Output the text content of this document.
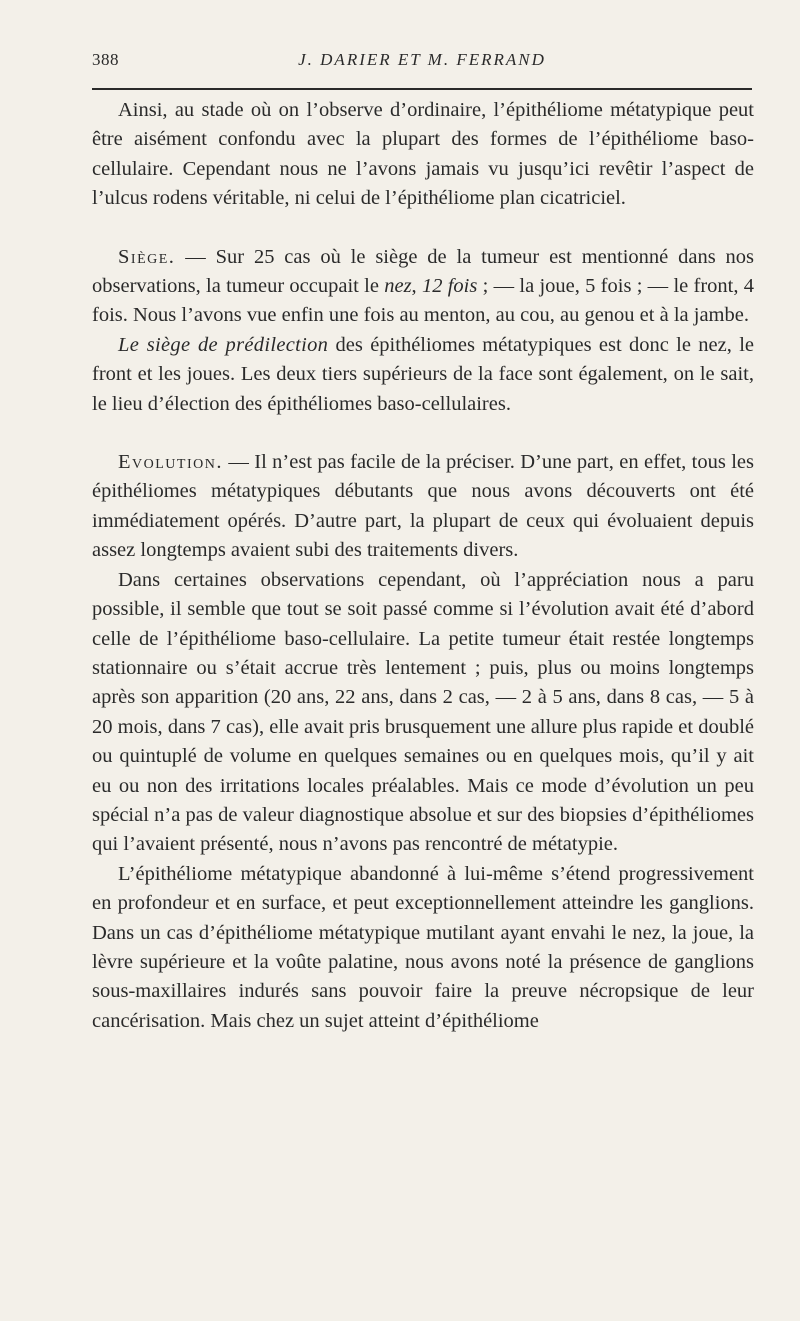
388	J. DARIER ET M. FERRAND

Ainsi, au stade où on l’observe d’ordinaire, l’épithéliome métatypique peut être aisément confondu avec la plupart des formes de l’épithéliome baso-cellulaire. Cependant nous ne l’avons jamais vu jusqu’ici revêtir l’aspect de l’ulcus rodens véritable, ni celui de l’épithéliome plan cicatriciel.

Siège. — Sur 25 cas où le siège de la tumeur est mentionné dans nos observations, la tumeur occupait le nez, 12 fois ; — la joue, 5 fois ; — le front, 4 fois. Nous l’avons vue enfin une fois au menton, au cou, au genou et à la jambe.

Le siège de prédilection des épithéliomes métatypiques est donc le nez, le front et les joues. Les deux tiers supérieurs de la face sont également, on le sait, le lieu d’élection des épithéliomes baso-cellulaires.

Evolution. — Il n’est pas facile de la préciser. D’une part, en effet, tous les épithéliomes métatypiques débutants que nous avons découverts ont été immédiatement opérés. D’autre part, la plupart de ceux qui évoluaient depuis assez longtemps avaient subi des traitements divers.

Dans certaines observations cependant, où l’appréciation nous a paru possible, il semble que tout se soit passé comme si l’évolution avait été d’abord celle de l’épithéliome baso-cellulaire. La petite tumeur était restée longtemps stationnaire ou s’était accrue très lentement ; puis, plus ou moins longtemps après son apparition (20 ans, 22 ans, dans 2 cas, — 2 à 5 ans, dans 8 cas, — 5 à 20 mois, dans 7 cas), elle avait pris brusquement une allure plus rapide et doublé ou quintuplé de volume en quelques semaines ou en quelques mois, qu’il y ait eu ou non des irritations locales préalables. Mais ce mode d’évolution un peu spécial n’a pas de valeur diagnostique absolue et sur des biopsies d’épithéliomes qui l’avaient présenté, nous n’avons pas rencontré de métatypie.

L’épithéliome métatypique abandonné à lui-même s’étend progressivement en profondeur et en surface, et peut exceptionnellement atteindre les ganglions. Dans un cas d’épithéliome métatypique mutilant ayant envahi le nez, la joue, la lèvre supérieure et la voûte palatine, nous avons noté la présence de ganglions sous-maxillaires indurés sans pouvoir faire la preuve nécropsique de leur cancérisation. Mais chez un sujet atteint d’épithéliome
